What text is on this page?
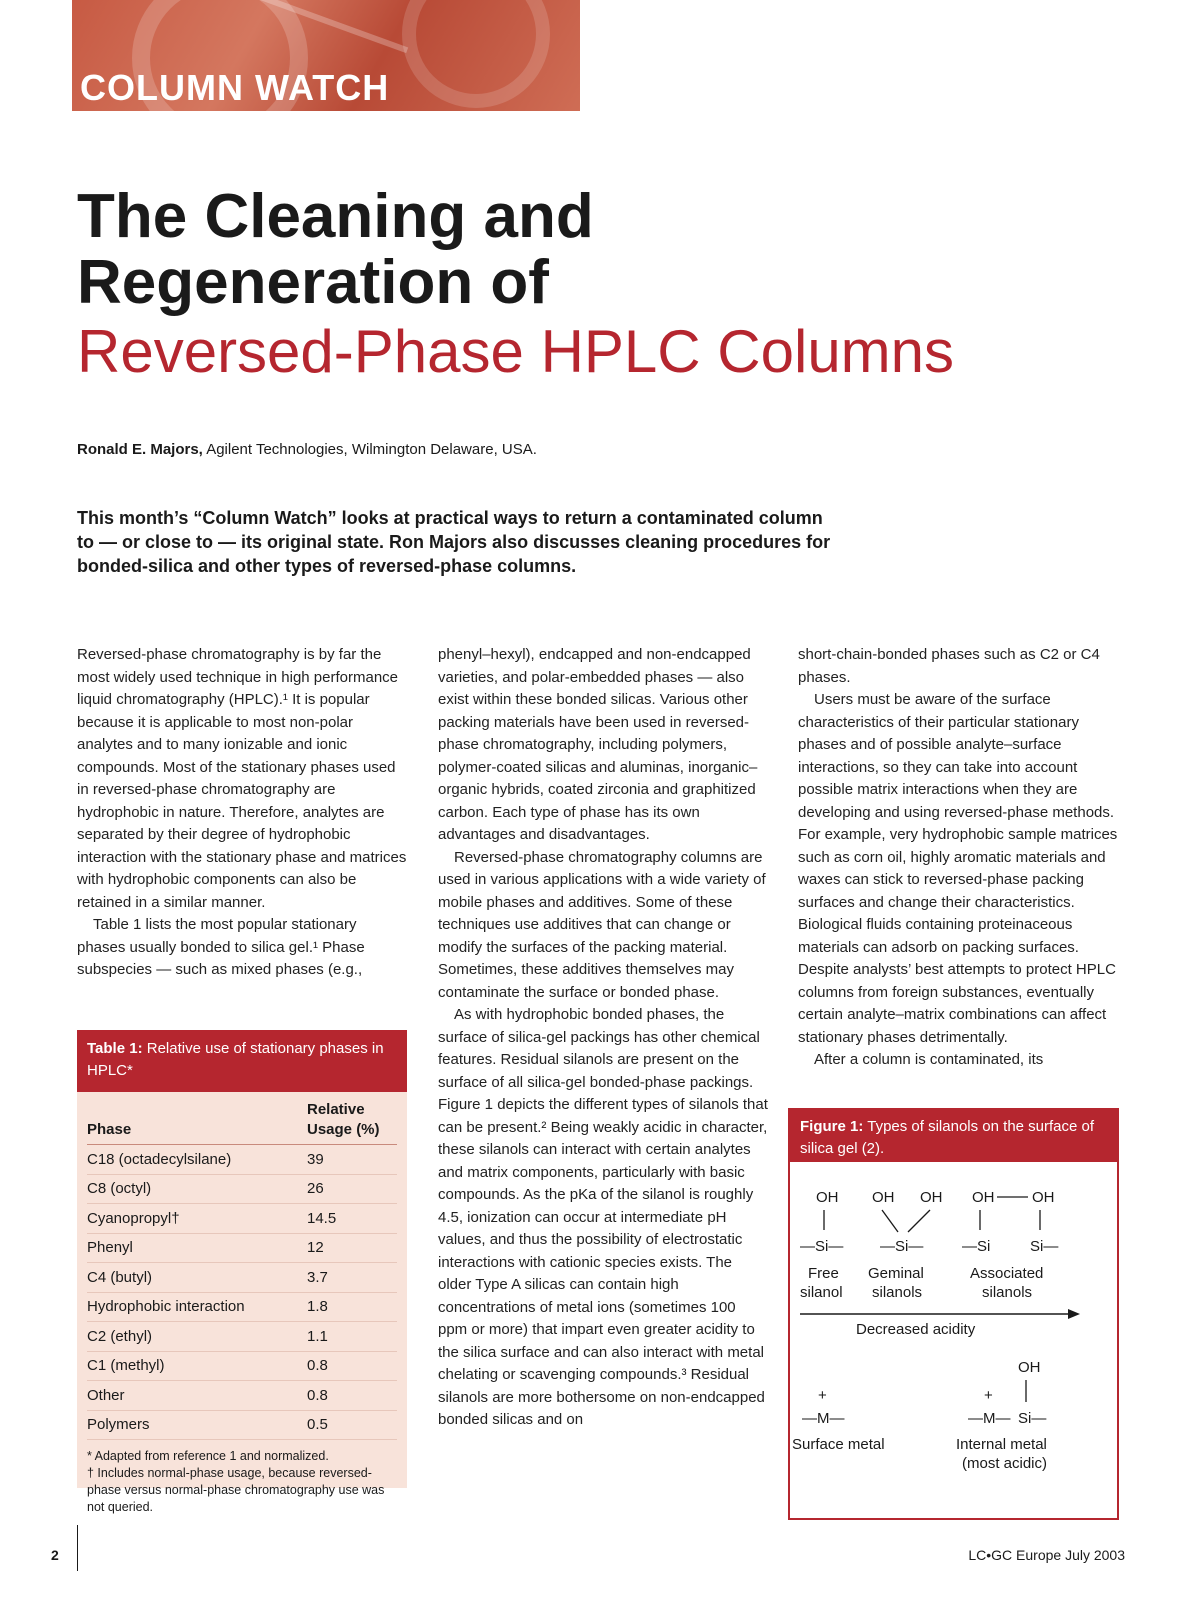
COLUMN WATCH
The Cleaning and
Regeneration of
Reversed-Phase HPLC Columns
Ronald E. Majors, Agilent Technologies, Wilmington Delaware, USA.

This month’s “Column Watch” looks at practical ways to return a contaminated column to — or close to — its original state. Ron Majors also discusses cleaning procedures for bonded-silica and other types of reversed-phase columns.

Reversed-phase chromatography is by far the most widely used technique in high performance liquid chromatography (HPLC).¹ It is popular because it is applicable to most non-polar analytes and to many ionizable and ionic compounds. Most of the stationary phases used in reversed-phase chromatography are hydrophobic in nature. Therefore, analytes are separated by their degree of hydrophobic interaction with the stationary phase and matrices with hydrophobic components can also be retained in a similar manner.

Table 1 lists the most popular stationary phases usually bonded to silica gel.¹ Phase subspecies — such as mixed phases (e.g.,

phenyl–hexyl), endcapped and non-endcapped varieties, and polar-embedded phases — also exist within these bonded silicas. Various other packing materials have been used in reversed-phase chromatography, including polymers, polymer-coated silicas and aluminas, inorganic–organic hybrids, coated zirconia and graphitized carbon. Each type of phase has its own advantages and disadvantages.

Reversed-phase chromatography columns are used in various applications with a wide variety of mobile phases and additives. Some of these techniques use additives that can change or modify the surfaces of the packing material. Sometimes, these additives themselves may contaminate the surface or bonded phase.

As with hydrophobic bonded phases, the surface of silica-gel packings has other chemical features. Residual silanols are present on the surface of all silica-gel bonded-phase packings. Figure 1 depicts the different types of silanols that can be present.² Being weakly acidic in character, these silanols can interact with certain analytes and matrix components, particularly with basic compounds. As the pKa of the silanol is roughly 4.5, ionization can occur at intermediate pH values, and thus the possibility of electrostatic interactions with cationic species exists. The older Type A silicas can contain high concentrations of metal ions (sometimes 100 ppm or more) that impart even greater acidity to the silica surface and can also interact with metal chelating or scavenging compounds.³ Residual silanols are more bothersome on non-endcapped bonded silicas and on

short-chain-bonded phases such as C2 or C4 phases.

Users must be aware of the surface characteristics of their particular stationary phases and of possible analyte–surface interactions, so they can take into account possible matrix interactions when they are developing and using reversed-phase methods. For example, very hydrophobic sample matrices such as corn oil, highly aromatic materials and waxes can stick to reversed-phase packing surfaces and change their characteristics. Biological fluids containing proteinaceous materials can adsorb on packing surfaces. Despite analysts’ best attempts to protect HPLC columns from foreign substances, eventually certain analyte–matrix combinations can affect stationary phases detrimentally.

After a column is contaminated, its

Table 1: Relative use of stationary phases in HPLC*
Phase
Relative
Usage (%)
C18 (octadecylsilane)	39
C8 (octyl)	26
Cyanopropyl†	14.5
Phenyl	12
C4 (butyl)	3.7
Hydrophobic interaction	1.8
C2 (ethyl)	1.1
C1 (methyl)	0.8
Other	0.8
Polymers	0.5
* Adapted from reference 1 and normalized.
† Includes normal-phase usage, because reversed-phase versus normal-phase chromatography use was not queried.
Figure 1: Types of silanols on the surface of silica gel (2).
OH
—Si—
Free
silanol
OH OH
—Si—
Geminal
silanols
OH	OH
—Si	Si—
Associated
silanols
Decreased acidity
+
—M—
Surface metal
OH
+
—M— Si—
Internal metal
(most acidic)
2	LC•GC Europe July 2003
